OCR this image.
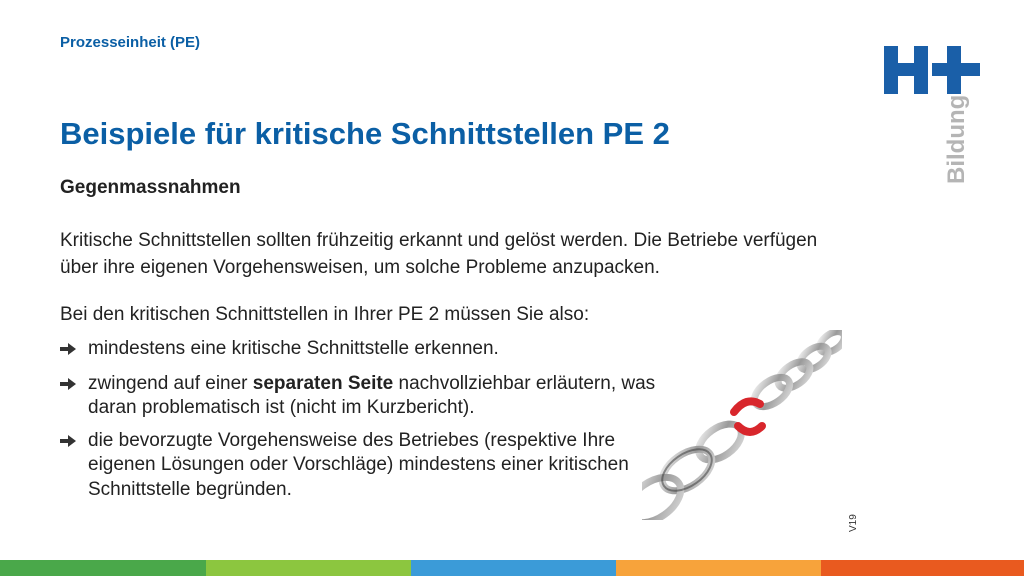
Prozesseinheit (PE)
Beispiele für kritische Schnittstellen PE 2	Bildung
Gegenmassnahmen

Kritische Schnittstellen sollten frühzeitig erkannt und gelöst werden. Die Betriebe verfügen über ihre eigenen Vorgehensweisen, um solche Probleme anzupacken.

Bei den kritischen Schnittstellen in Ihrer PE 2 müssen Sie also:

mindestens eine kritische Schnittstelle erkennen.
zwingend auf einer separaten Seite nachvollziehbar erläutern, was daran problematisch ist (nicht im Kurzbericht).
die bevorzugte Vorgehensweise des Betriebes (respektive Ihre eigenen Lösungen oder Vorschläge) mindestens einer kritischen Schnittstelle begründen.
V19
